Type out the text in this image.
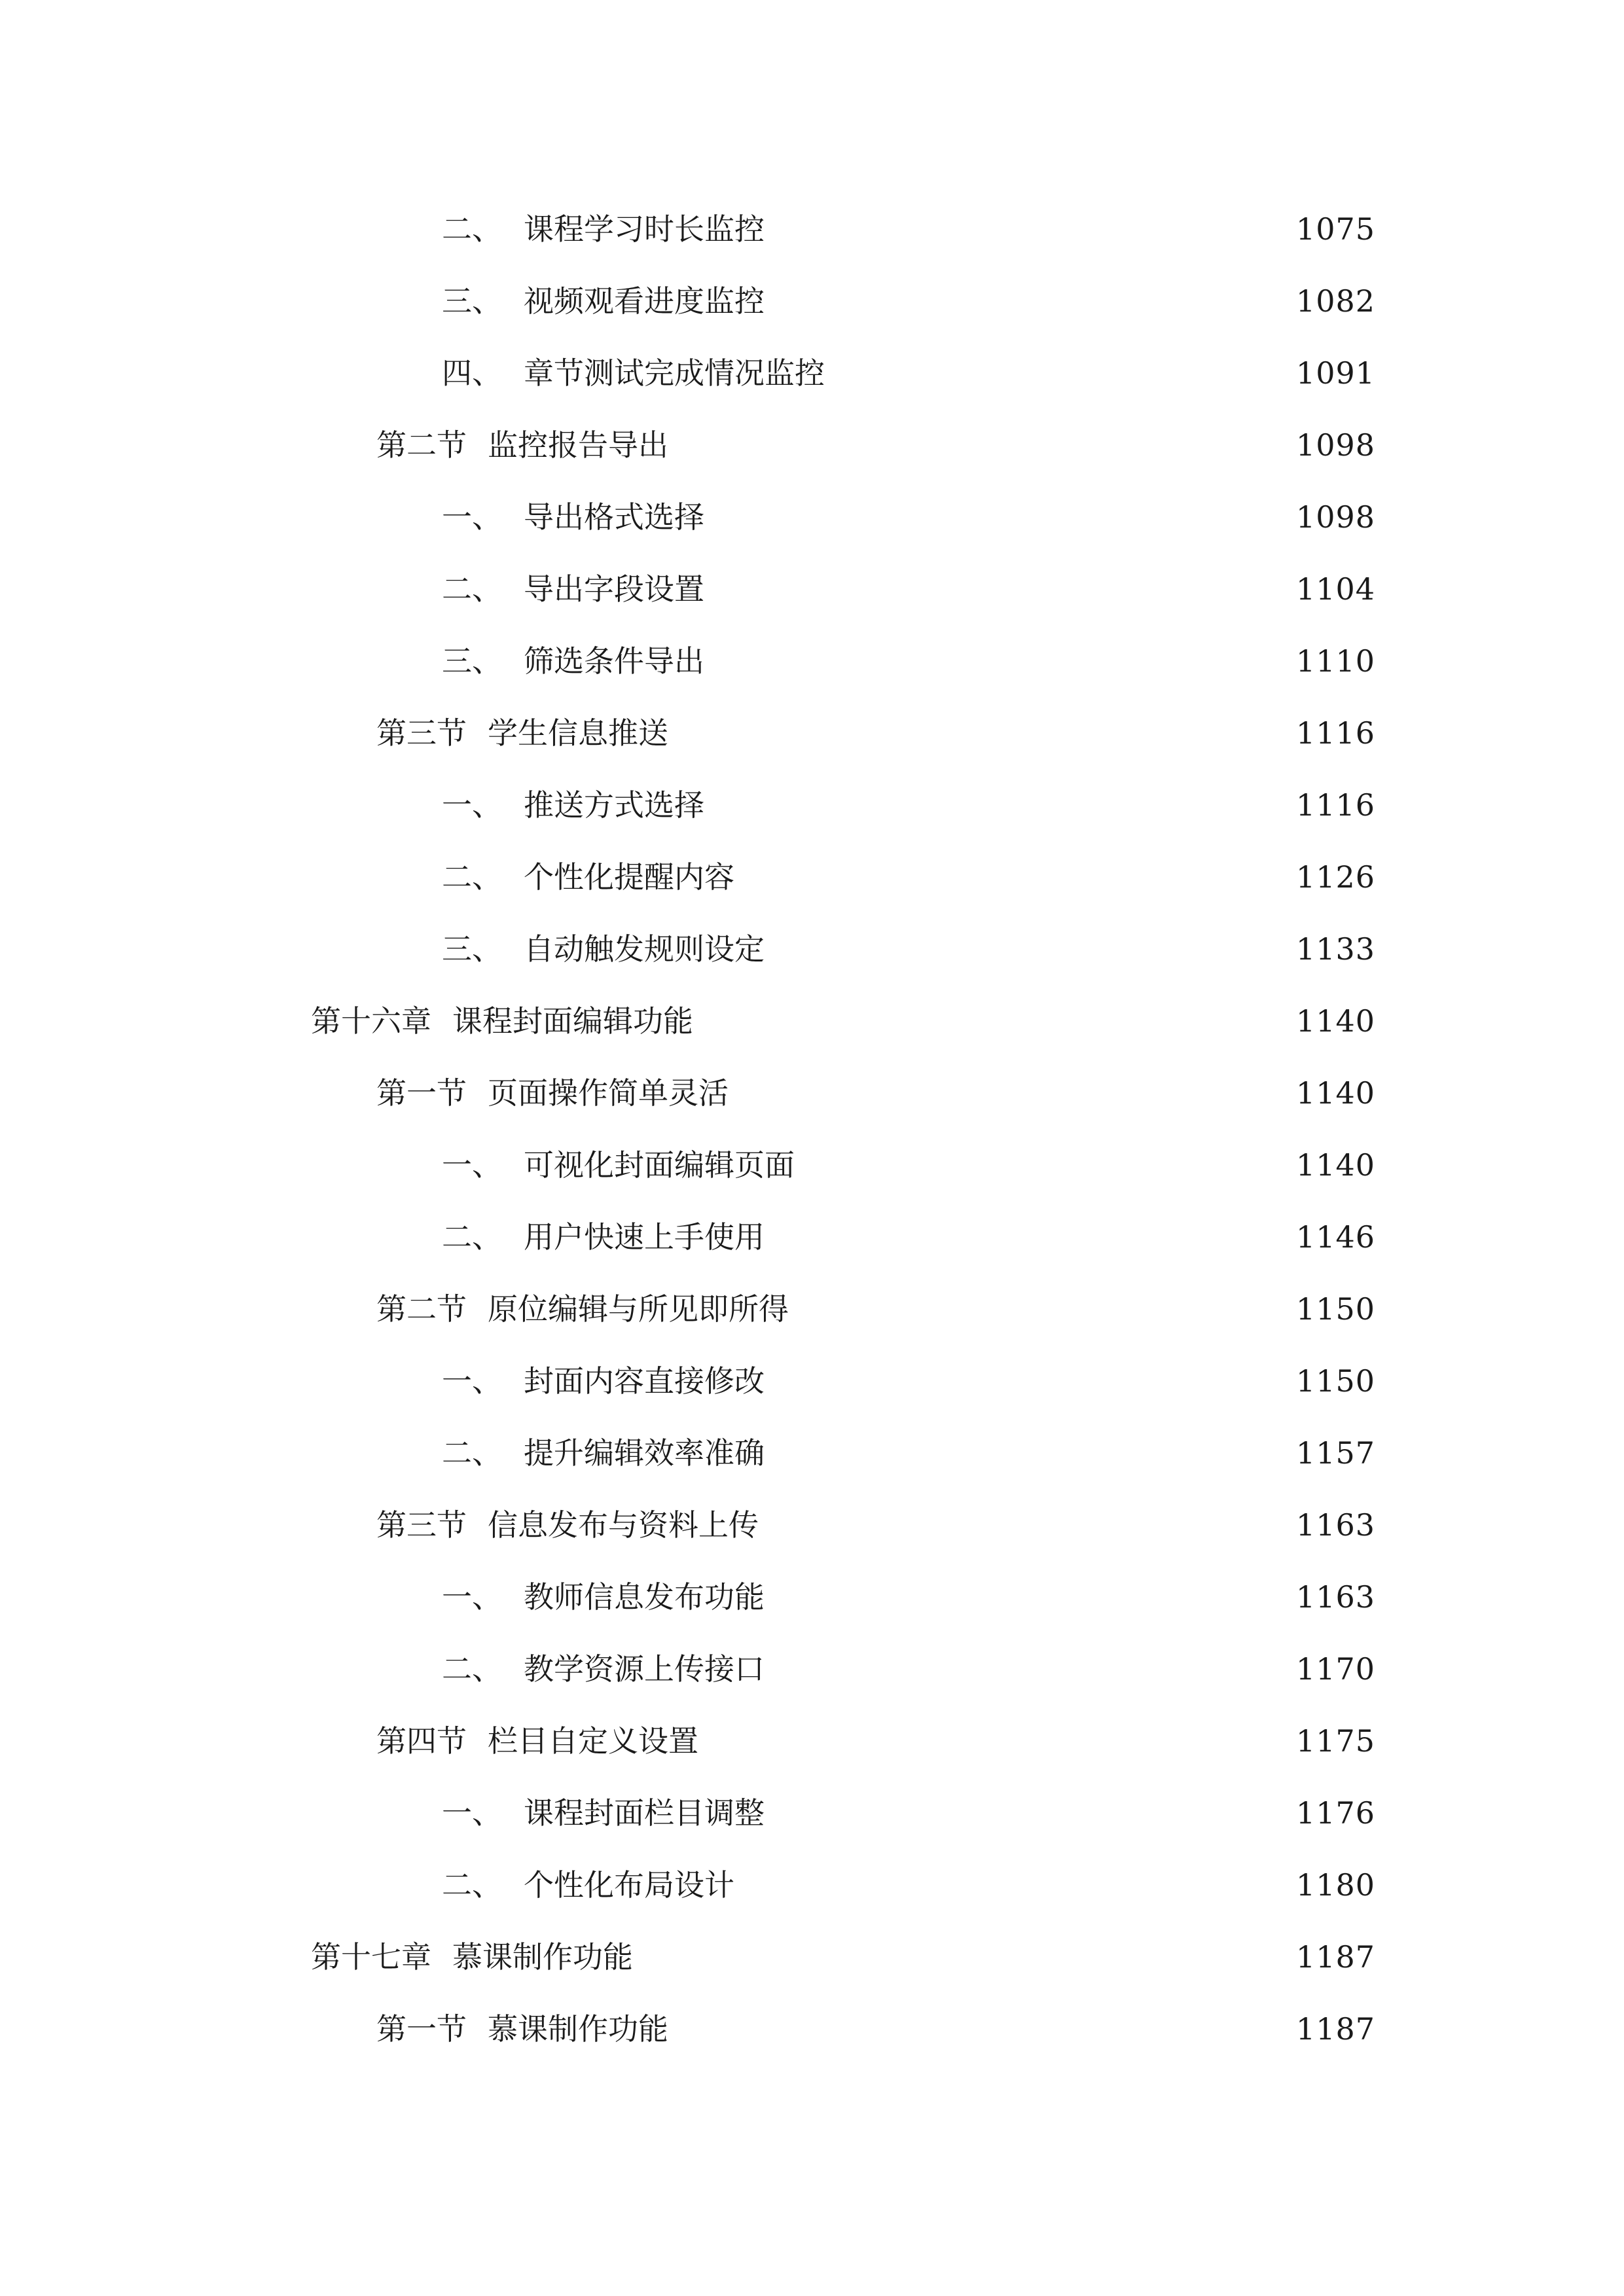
二、 课程学习时长监控	1075
三、 视频观看进度监控	1082
四、 章节测试完成情况监控	1091
第二节 监控报告导出	1098
一、 导出格式选择	1098
二、 导出字段设置	1104
三、 筛选条件导出	1110
第三节 学生信息推送	1116
一、 推送方式选择	1116
二、 个性化提醒内容	1126
三、 自动触发规则设定	1133
第十六章 课程封面编辑功能	1140
第一节 页面操作简单灵活	1140
一、 可视化封面编辑页面	1140
二、 用户快速上手使用	1146
第二节 原位编辑与所见即所得	1150
一、 封面内容直接修改	1150
二、 提升编辑效率准确	1157
第三节 信息发布与资料上传	1163
一、 教师信息发布功能	1163
二、 教学资源上传接口	1170
第四节 栏目自定义设置	1175
一、 课程封面栏目调整	1176
二、 个性化布局设计	1180
第十七章 慕课制作功能	1187
第一节 慕课制作功能	1187
